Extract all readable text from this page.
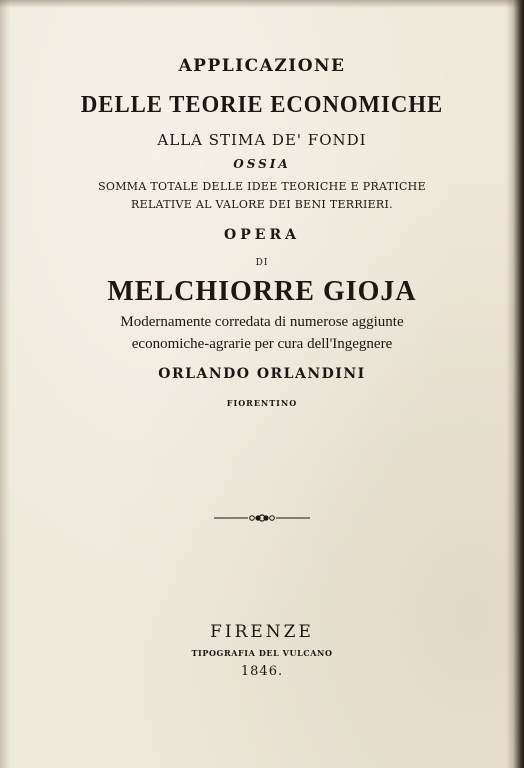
APPLICAZIONE
DELLE TEORIE ECONOMICHE
ALLA STIMA DE' FONDI
OSSIA
SOMMA TOTALE DELLE IDEE TEORICHE E PRATICHE
RELATIVE AL VALORE DEI BENI TERRIERI.
OPERA
DI
MELCHIORRE GIOJA
Modernamente corredata di numerose aggiunte
economiche-agrarie per cura dell'Ingegnere
ORLANDO ORLANDINI
FIORENTINO
FIRENZE
TIPOGRAFIA DEL VULCANO
1846.
